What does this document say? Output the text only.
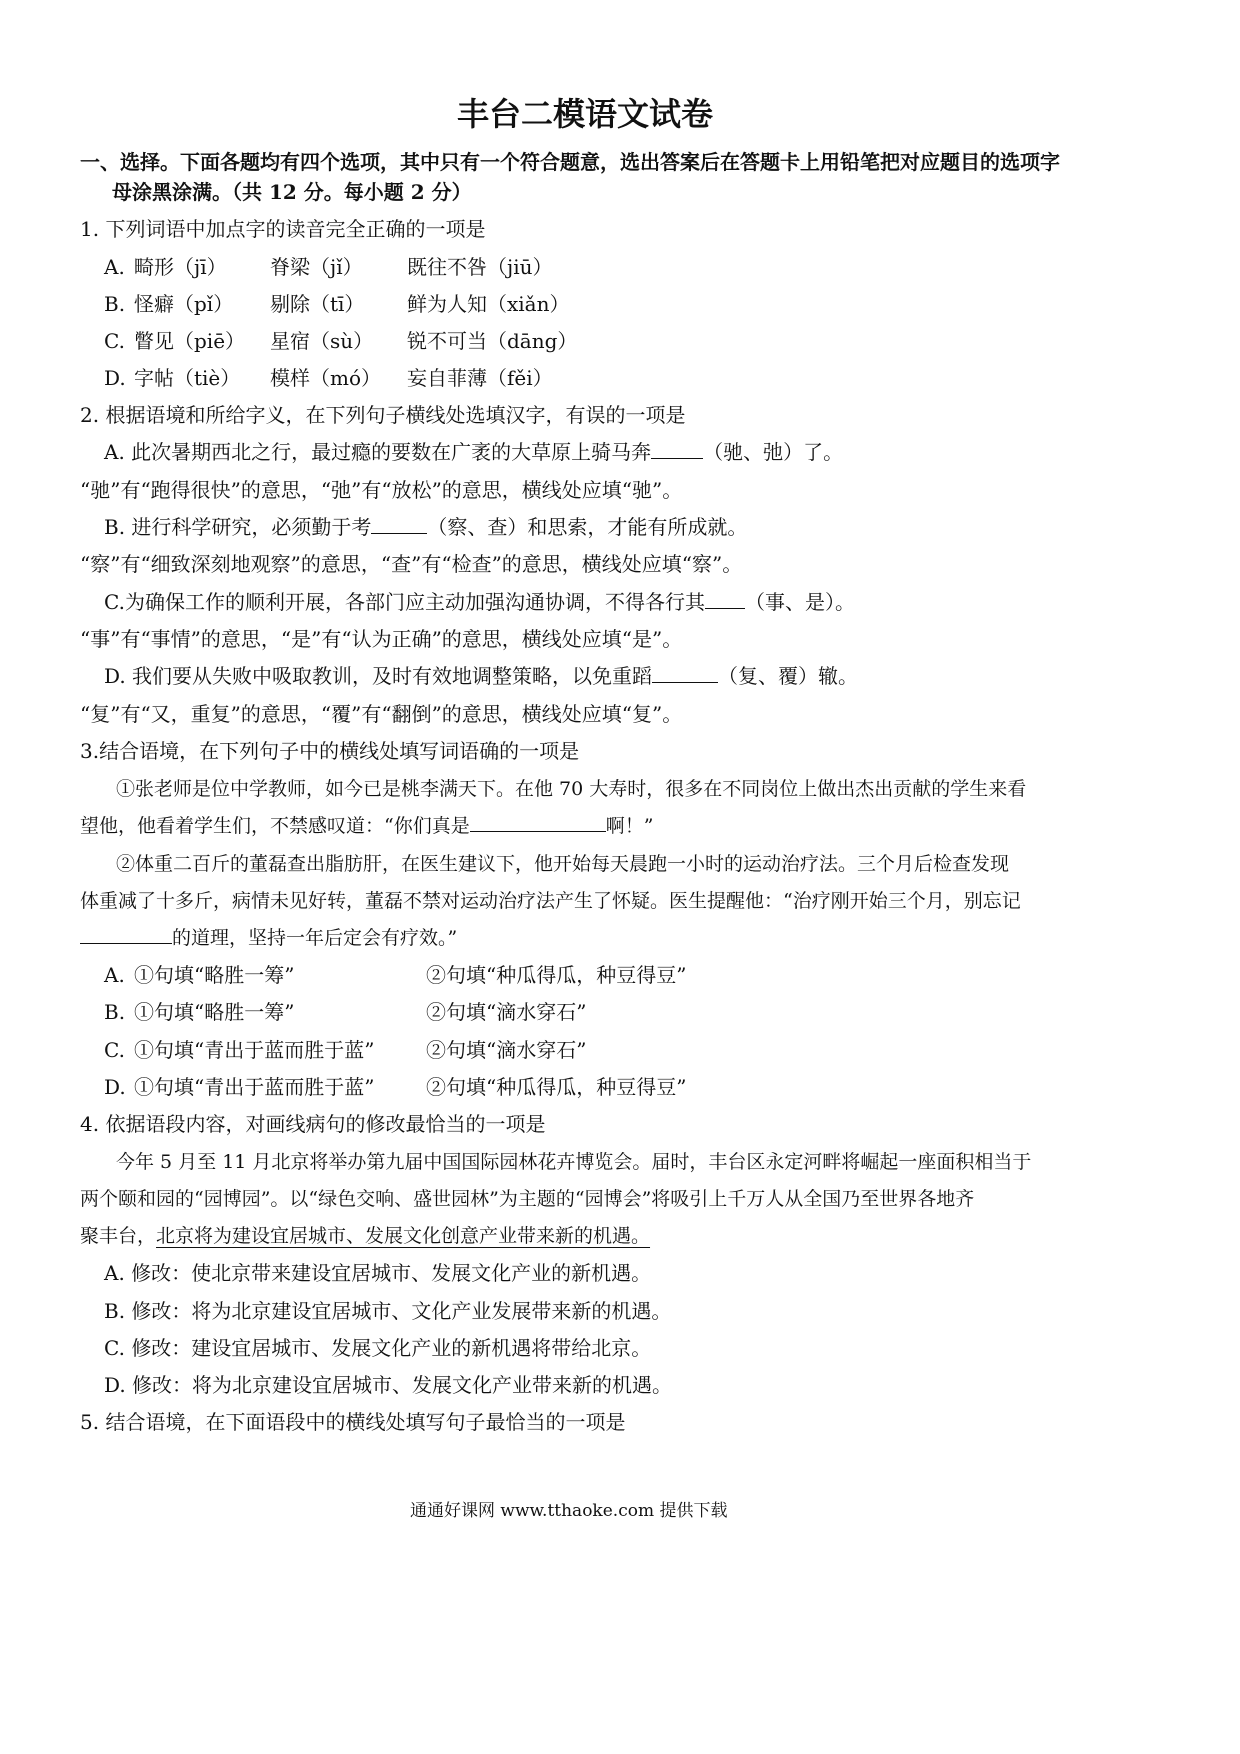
丰台二模语文试卷
一、选择。下面各题均有四个选项，其中只有一个符合题意，选出答案后在答题卡上用铅笔把对应题目的选项字
母涂黑涂满。（共 12 分。每小题 2 分）
1. 下列词语中加点字的读音完全正确的一项是
A. 畸形（jī） 脊梁（jǐ） 既往不咎（jiū）
B. 怪癖（pǐ） 剔除（tī） 鲜为人知（xiǎn）
C. 瞥见（piē） 星宿（sù） 锐不可当（dāng）
D. 字帖（tiè） 模样（mó） 妄自菲薄（fěi）
2. 根据语境和所给字义，在下列句子横线处选填汉字，有误的一项是
A. 此次暑期西北之行，最过瘾的要数在广袤的大草原上骑马奔	（驰、弛）了。
“驰”有“跑得很快”的意思，“弛”有“放松”的意思，横线处应填“驰”。
B. 进行科学研究，必须勤于考	（察、查）和思索，才能有所成就。
“察”有“细致深刻地观察”的意思，“查”有“检查”的意思，横线处应填“察”。
C.为确保工作的顺利开展，各部门应主动加强沟通协调，不得各行其 （事、是）。
“事”有“事情”的意思，“是”有“认为正确”的意思，横线处应填“是”。
D. 我们要从失败中吸取教训，及时有效地调整策略，以免重蹈	（复、覆）辙。
“复”有“又，重复”的意思，“覆”有“翻倒”的意思，横线处应填“复”。
3.结合语境，在下列句子中的横线处填写词语确的一项是
①张老师是位中学教师，如今已是桃李满天下。在他 70 大寿时，很多在不同岗位上做出杰出贡献的学生来看
望他，他看着学生们，不禁感叹道：“你们真是	啊！”
②体重二百斤的董磊查出脂肪肝，在医生建议下，他开始每天晨跑一小时的运动治疗法。三个月后检查发现
体重减了十多斤，病情未见好转，董磊不禁对运动治疗法产生了怀疑。医生提醒他：“治疗刚开始三个月，别忘记
的道理，坚持一年后定会有疗效。”
A. ①句填“略胜一筹”	②句填“种瓜得瓜，种豆得豆”
B. ①句填“略胜一筹”	②句填“滴水穿石”
C. ①句填“青出于蓝而胜于蓝”	②句填“滴水穿石”
D. ①句填“青出于蓝而胜于蓝”	②句填“种瓜得瓜，种豆得豆”
4. 依据语段内容，对画线病句的修改最恰当的一项是
今年 5 月至 11 月北京将举办第九届中国国际园林花卉博览会。届时，丰台区永定河畔将崛起一座面积相当于
两个颐和园的“园博园”。以“绿色交响、盛世园林”为主题的“园博会”将吸引上千万人从全国乃至世界各地齐
聚丰台，北京将为建设宜居城市、发展文化创意产业带来新的机遇。
A. 修改：使北京带来建设宜居城市、发展文化产业的新机遇。
B. 修改：将为北京建设宜居城市、文化产业发展带来新的机遇。
C. 修改：建设宜居城市、发展文化产业的新机遇将带给北京。
D. 修改：将为北京建设宜居城市、发展文化产业带来新的机遇。
5. 结合语境，在下面语段中的横线处填写句子最恰当的一项是
通通好课网 www.tthaoke.com 提供下载
